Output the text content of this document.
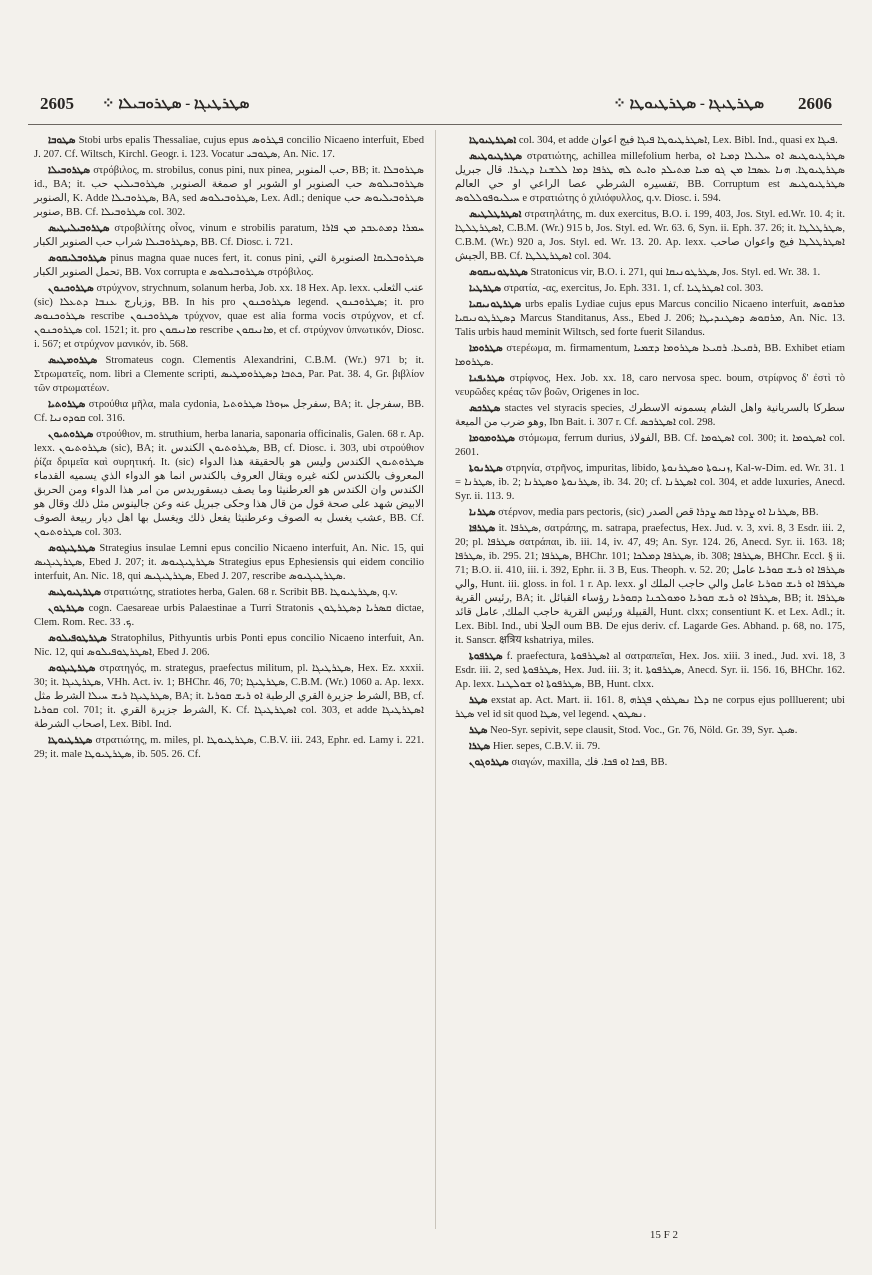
2605 ⁘ ܣܛܪܛܝܓܐ - ܣܛܪܘܒܝܠܐ	⁘ ܣܛܪܛܝܓܐ - ܣܛܪܛܝܘܛܐ 2606

ܣܛܘܒܐ Stobi urbs epalis Thessaliae, cujus epus ܦܛܪܘܣ concilio Nicaeno interfuit, Ebed J. 207. Cf. Wiltsch, Kirchl. Geogr. i. 123. Vocatur ܣܛܘܒܝ, An. Nic. 17.

ܣܛܪܘܒܝܠܐ στρόβιλος, m. strobilus, conus pini, nux pinea, حب المنوبر, BB; it. ܣܛܪܘܒܠܐ id., BA; it. ܣܛܪܘܒܝܠܘܣ حب الصنوبر او الشوبر او صمغة الصنوبر, ܣܛܪܘܒܝܠܝܢ حب الصنوبر, K. Adde ܣܛܪܘܒܝܠܐ, BA, sed ܣܛܪܘܒܝܠܘܣ, Lex. Adl.; denique ܣܛܪܘܒܝܠܝܘܣ حب صنوبر, BB. Cf. ܣܛܪܘܒܝܠܐ col. 302.

ܣܛܪܘܒܝܠܝܛܝܣ στροβιλίτης οἶνος, vinum e strobilis paratum, ܚܡܪܐ ܕܡܬܥܒܕ ܡܢ ܦܐܪܐ ܕܣܛܪܘܒܝܠܐ شراب حب الصنوبر الكبار, BB. Cf. Diosc. i. 721.

ܣܛܪܘܒܠܝܩܘܣ pinus magna quae nuces fert, it. conus pini, ܣܛܪܘܒܠܝܩܐ الصنوبرة التي تحمل الصنوبر الكبار, BB. Vox corrupta e ܣܛܪܘܒܝܠܘܣ στρόβιλος.

ܣܛܪܘܟܢܘܢ στρύχνον, strychnum, solanum herba, Job. xx. 18 Hex. Ap. lexx. عنب الثعلب (sic) وزبارج ܥܢܒܐ ܕܬܥܠܐ, BB. In his pro ܣܛܪܘܟܢܘܢ legend. ܣܛܪܘܟܢܘܢ; it. pro ܣܛܪܘܟܢܘܣ rescribe ܣܛܪܘܟܢܘܢ τρύχνον, quae est alia forma vocis στρύχνον, et cf. ܣܛܪܘܟܢܘܢ col. 1521; it. pro ܡܐܢܝܩܘܢ rescribe ܡܐܢܝܩܘܢ, et cf. στρύχνον ὑπνωτικόν, Diosc. i. 567; et στρύχνον μανικόν, ib. 568.

ܣܛܪܘܡܛܝܣ Stromateus cogn. Clementis Alexandrini, C.B.M. (Wr.) 971 b; it. Στρωματεῖς, nom. libri a Clemente scripti, ܟܬܒܐ ܕܣܛܪܘܡܛܝܣ, Par. Pat. 38. 4, Gr. βιβλίον τῶν στρωματέων.

ܣܛܪܘܬܝܐ στρούθια μῆλα, mala cydonia, سفرجل ܚܙܘܪܐ ܣܛܪܘܬܝܐ, BA; it. سفرجل, BB. Cf. ܩܘܕܘܢܝܐ col. 316.

ܣܛܪܘܬܝܘܢ στρούθιον, m. struthium, herba lanaria, saponaria officinalis, Galen. 68 r. Ap. lexx. ܣܛܪܘܬܝܘܢ (sic), BA; it. ܣܛܪܘܬܝܘܢ الكندس, BB, cf. Diosc. i. 303, ubi στρούθιον ῥίζα δριμεῖα καὶ συρητική. It. (sic) ܣܛܪܘܬܝܘܢ الكندس وليس هو بالحقيقة هذا الدواء المعروف بالكندس لكنه غيره ويقال العروف بالكندس انما هو الدواء الذي يسميه القدماء الكندس وان الكندس هو العرطنيثا وما يصف ديسقوريدس من امر هذا الدواء ومن الحربق الابيض شهد على صحة قول من قال هذا وحكى جبريل عنه وعن جالينوس مثل ذلك وقال هو عشب يغسل به الصوف وعرطنيثا يفعل ذلك ويغسل بها اهل ديار ربيعة الصوف, BB. Cf. ܣܛܪܘܬܝܘܢ col. 303.

ܣܛܪܛܝܓܘܣ Strategius insulae Lemni epus concilio Nicaeno interfuit, An. Nic. 15, qui ܣܛܪܛܝܓܝܣ, Ebed J. 207; it. ܣܛܪܛܝܓܝܘܣ Strategius epus Ephesiensis qui eidem concilio interfuit, An. Nic. 18, qui ܣܛܪܛܝܓܝܣ, Ebed J. 207, rescribe ܣܛܪܛܝܓܝܘܣ.

ܣܛܪܛܝܘܛܝܣ στρατιώτης, stratiotes herba, Galen. 68 r. Scribit BB. ܣܛܪܛܝܘܛܐ, q.v.

ܣܛܪܛܘܢ cogn. Caesareae urbis Palaestinae a Turri Stratonis ܩܣܪܝܐ ܕܣܛܪܛܘܢ dictae, Clem. Rom. Rec. ܟ. 33.

ܣܛܪܛܘܦܝܠܘܣ Stratophilus, Pithyuntis urbis Ponti epus concilio Nicaeno interfuit, An. Nic. 12, qui ܐܣܛܪܛܘܦܝܠܘܣ, Ebed J. 206.

ܣܛܪܛܝܓܘܣ στρατηγός, m. strategus, praefectus militum, pl. ܣܛܪܛܝܓܐ, Hex. Ez. xxxii. 30; it. ܣܛܪܛܝܓܐ, VHh. Act. iv. 1; BHChr. 46, 70; ܣܛܪܛܝܓܐ, C.B.M. (Wr.) 1060 a. Ap. lexx. ܣܛܪܛܝܓܐ ܪܝܫ ܚܝܠܐ الشرط مثل, BA; it. الشرط جزيرة القري الرطبة ܐܘ ܪܝܫ ܩܘܪܝܐ, BB, cf. ܩܘܪܝܐ col. 701; it. الشرط جزيرة القري, K. Cf. ܐܣܛܪܛܝܓܐ col. 303, et adde ܐܣܛܪܛܝܓܐ اصحاب الشرطة, Lex. Bibl. Ind.

ܣܛܪܛܝܘܛܐ στρατιώτης, m. miles, pl. ܣܛܪܛܝܘܛܐ, C.B.V. iii. 243, Ephr. ed. Lamy i. 221. 29; it. male ܣܛܪܛܝܘܛܐ, ib. 505. 26. Cf.

ܐܣܛܪܛܝܘܛܐ col. 304, et adde ܐܣܛܪܛܝܘܛܐ ܦܝܓܐ فيج اعوان, Lex. Bibl. Ind., quasi ex ܦܝܓܐ.

ܣܛܪܛܝܘܛܝܣ στρατιώτης, achillea millefolium herba, ܣܛܪܛܝܘܛܝܣ ܐܘ ܚܠܝܠܐ ܕܡܝܐ ܐܘ ܣܛܪܛܝܘܛܐ. ܗܢܐ ܥܣܒܐ ܡܢ ܓܘ ܡܝܐ ܡܬܝܠܕ ܘܐܝܬ ܠܗ ܛܪܦܐ ܕܡܐ ܠܠܫܢܐ ܕܛܝܪܐ. قال جبريل تفسيره الشرطي عصا الراعي او حي العالم, BB. Corruptum est ܣܛܪܛܝܘܛܝܣ ܚܝܠܝܘܦܘܠܠܘܣ e στρατιώτης ὁ χιλιόφυλλος, q.v. Diosc. i. 594.

ܐܣܛܪܛܠܛܝܣ στρατηλάτης, m. dux exercitus, B.O. i. 199, 403, Jos. Styl. ed.Wr. 10. 4; it. ܐܣܛܪܛܠܛܐ, C.B.M. (Wr.) 915 b, Jos. Styl. ed. Wr. 63. 6, Syn. ii. Eph. 37. 26; it. ܣܛܪܛܠܛܐ, C.B.M. (Wr.) 920 a, Jos. Styl. ed. Wr. 13. 20. Ap. lexx. ܐܣܛܪܛܠܛܐ فيج واعوان صاحب الجيش, BB. Cf. ܐܣܛܪܛܠܛܐ col. 304.

ܣܛܪܛܘܢܝܩܘܣ Stratonicus vir, B.O. i. 271, qui ܣܛܪܛܘܢܝܩܐ, Jos. Styl. ed. Wr. 38. 1.

ܣܛܪܛܝܐ στρατία, -ας, exercitus, Jo. Eph. 331. 1, cf. ܐܣܛܪܛܝܐ col. 303.

ܣܛܪܛܘܢܝܩܝܐ urbs epalis Lydiae cujus epus Marcus concilio Nicaeno interfuit, ܡܪܩܘܣ ܕܣܛܪܛܘܢܝܩܝܐ Marcus Standitanus, Ass., Ebed J. 206; ܡܪܩܘܣ ܕܣܛܢܕܝܛܐ, An. Nic. 13. Talis urbis haud meminit Wiltsch, sed forte fuerit Silandus.

ܣܛܪܘܡܐ στερέωμα, m. firmamentum, ܪܩܝܥܐ. ܪܩܝܥܐ ܣܛܪܘܡܐ ܕܫܡܝܐ, BB. Exhibet etiam ܣܛܪܘܡܐ.

ܣܛܪܝܦܢܐ στρίφνος, Hex. Job. xx. 18, caro nervosa spec. boum, στρίφνος δ' ἐστὶ τὸ νευρῶδες κρέας τῶν βοῶν, Origenes in loc.

ܣܛܪܟܣ stactes vel styracis species, سطركا بالسريانية واهل الشام يسمونه الاسطرك وهو ضرب من الميعة, Ibn Bait. i. 307 r. Cf. ܐܣܛܪܟܣ col. 298.

ܣܛܪܘܡܘܡܐ στόμωμα, ferrum durius, الفولاذ, BB. Cf. ܐܣܛܘܡܐ col. 300; it. ܐܣܛܘܡܐ col. 2601.

ܣܛܪܢܘܬܐ στρηνία, στρῆνος, impuritas, libido, ܙܢܝܘܬܐ ܘܣܛܪܢܘܬܐ, Kal-w-Dim. ed. Wr. 31. 1 = ܣܛܪܢܐ, ib. 2; ܣܛܪܢܘܬܐ ܘܣܛܪܢܐ, ib. 34. 20; cf. ܐܣܛܪܢܐ col. 304, et adde luxuries, Anecd. Syr. ii. 113. 9.

ܣܛܪܢܐ στέρνον, media pars pectoris, (sic) ܣܛܪܢܐ ܐܘ ܨܕܪܐ ܩܣ ܨܕܪܐ قص الصدر, BB.

ܣܛܪܦܐ it. ܣܛܪܦܐ, σατράπης, m. satrapa, praefectus, Hex. Jud. v. 3, xvi. 8, 3 Esdr. iii. 2, 20; pl. ܣܛܪܦܐ σατράπαι, ib. iii. 14, iv. 47, 49; An. Syr. 124. 26, Anecd. Syr. ii. 163. 18; ܣܛܪܦܐ, ib. 295. 21; ܣܛܪܦܐ, BHChr. 101; ܣܛܪܦܐ ܕܡܠܟܐ, ib. 308; ܣܛܪܦܐ, BHChr. Eccl. § ii. 71; B.O. ii. 410, iii. i. 392, Ephr. ii. 3 B, Eus. Theoph. v. 52. 20; ܣܛܪܦܐ ܐܘ ܪܝܫ ܩܘܪܝܐ عامل والي, Hunt. iii. gloss. in fol. 1 r. Ap. lexx. ܣܛܪܦܐ ܐܘ ܪܝܫ ܩܘܪܝܐ عامل والي حاجب الملك او رئيس القرية, BA; it. ܣܛܪܦܐ ܐܘ ܪܝܫ ܩܘܪܝܐ ܘܡܘܠܟܢܐ ܕܩܘܪܝܐ رؤساء القبائل, BB; it. ܣܛܪܦܐ القبيلة ورئيس القرية حاجب الملك, عامل قائد, Hunt. clxx; consentiunt K. et Lex. Adl.; it. Lex. Bibl. Ind., ubi الجلا oum BB. De ejus deriv. cf. Lagarde Ges. Abhand. p. 68, no. 175, it. Sanscr. क्षत्रिय kshatriya, miles.

ܣܛܪܦܘܬܐ f. praefectura, ܐܣܛܪܦܘܬܐ al σατραπεῖαι, Hex. Jos. xiii. 3 ined., Jud. xvi. 18, 3 Esdr. iii. 2, sed ܣܛܪܦܘܬܐ, Hex. Jud. iii. 3; it. ܣܛܪܦܘܬܐ, Anecd. Syr. ii. 156. 16, BHChr. 162. Ap. lexx. ܣܛܪܦܘܬܐ ܐܘ ܫܘܠܛܢܐ, BB, Hunt. clxx.

ܣܛܪ exstat ap. Act. Mart. ii. 161. 8, ܕܠܐ ܢܣܛܪܘܢ ܦܓܪܗ ne corpus ejus pollluerent; ubi ܣܛܪ vel id sit quod ܣܛܐ, vel legend. ܢܣܛܘܢ.

ܣܛܪ Neo-Syr. sepivit, sepe clausit, Stod. Voc., Gr. 76, Nöld. Gr. 39, Syr. ܣܝܓ.

ܣܛܪܐ Hier. sepes, C.B.V. ii. 79.

ܣܛܪܘܓܘܢ σιαγών, maxilla, ܦܟܐ ܐܘ ܦܟܐ. فك, BB.

15 F 2
